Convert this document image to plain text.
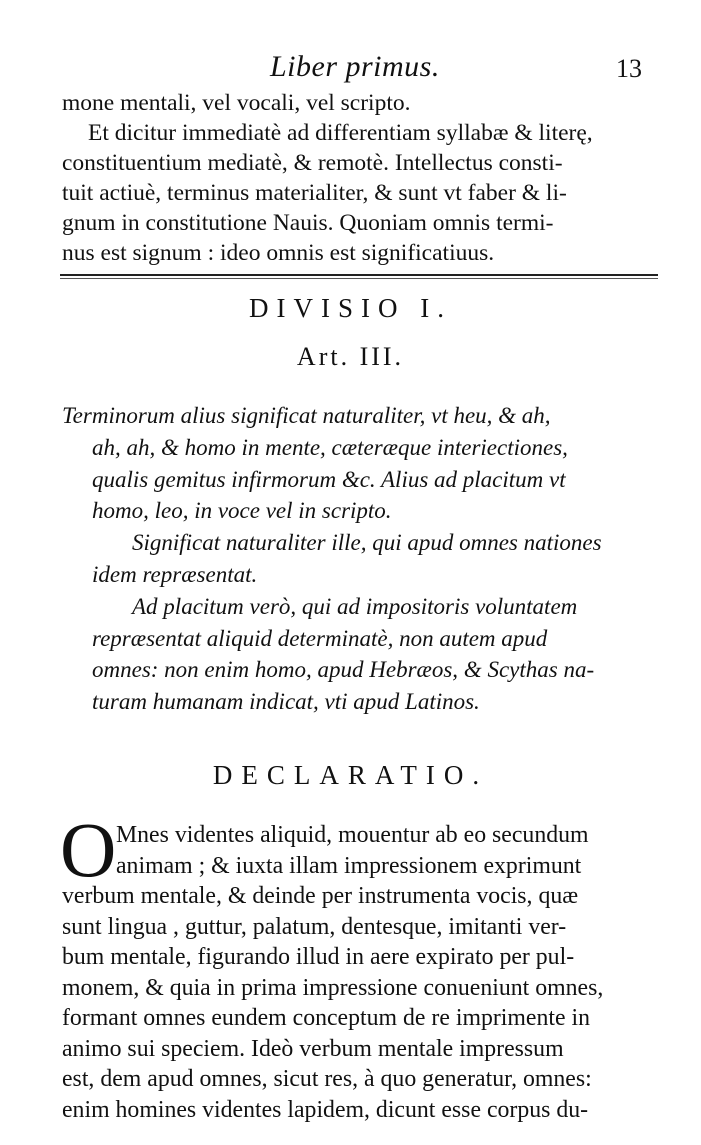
Liber primus.	13
mone mentali, vel vocali, vel scripto.
Et dicitur immediatè ad differentiam syllabæ & literę,
constituentium mediatè, & remotè. Intellectus consti-
tuit actiuè, terminus materialiter, & sunt vt faber & li-
gnum in constitutione Nauis. Quoniam omnis termi-
nus est signum : ideo omnis est significatiuus.
DIVISIO I.
Art. III.
Terminorum alius significat naturaliter, vt heu, & ah,
ah, ah, & homo in mente, cæteræque interiectiones,
qualis gemitus infirmorum &c. Alius ad placitum vt
homo, leo, in voce vel in scripto.
Significat naturaliter ille, qui apud omnes nationes
idem repræsentat.
Ad placitum verò, qui ad impositoris voluntatem
repræsentat aliquid determinatè, non autem apud
omnes: non enim homo, apud Hebræos, & Scythas na-
turam humanam indicat, vti apud Latinos.
DECLARATIO.
O Mnes videntes aliquid, mouentur ab eo secundum
animam ; & iuxta illam impressionem exprimunt
verbum mentale, & deinde per instrumenta vocis, quæ
sunt lingua , guttur, palatum, dentesque, imitanti ver-
bum mentale, figurando illud in aere expirato per pul-
monem, & quia in prima impressione conueniunt omnes,
formant omnes eundem conceptum de re imprimente in
animo sui speciem. Ideò verbum mentale impressum
est, dem apud omnes, sicut res, à quo generatur, omnes:
enim homines videntes lapidem, dicunt esse corpus du-
